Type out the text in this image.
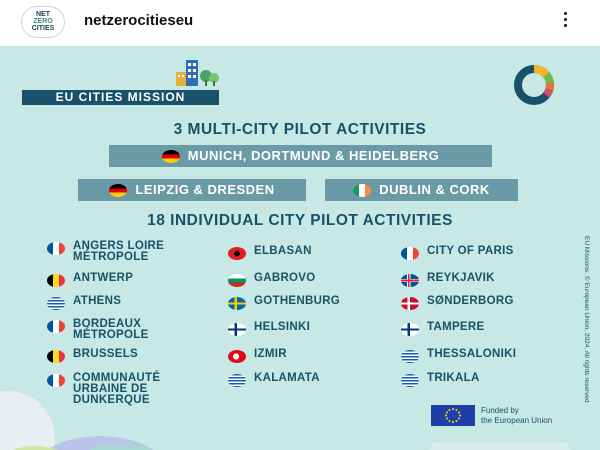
NET
ZERO
CITIES	netzerocitieseu
EU CITIES MISSION
3 MULTI-CITY PILOT ACTIVITIES
MUNICH, DORTMUND & HEIDELBERG
LEIPZIG & DRESDEN	DUBLIN & CORK
18 INDIVIDUAL CITY PILOT ACTIVITIES
ANGERS LOIRE MÉTROPOLE
ANTWERP
ATHENS
BORDEAUX MÉTROPOLE
BRUSSELS
COMMUNAUTÉ URBAINE DE DUNKERQUE
ELBASAN
GABROVO
GOTHENBURG
HELSINKI
IZMIR
KALAMATA
CITY OF PARIS
REYKJAVIK
SØNDERBORG
TAMPERE
THESSALONIKI
TRIKALA	EU Missions. © European Union, 2024. All rights reserved
Funded by
the European Union
